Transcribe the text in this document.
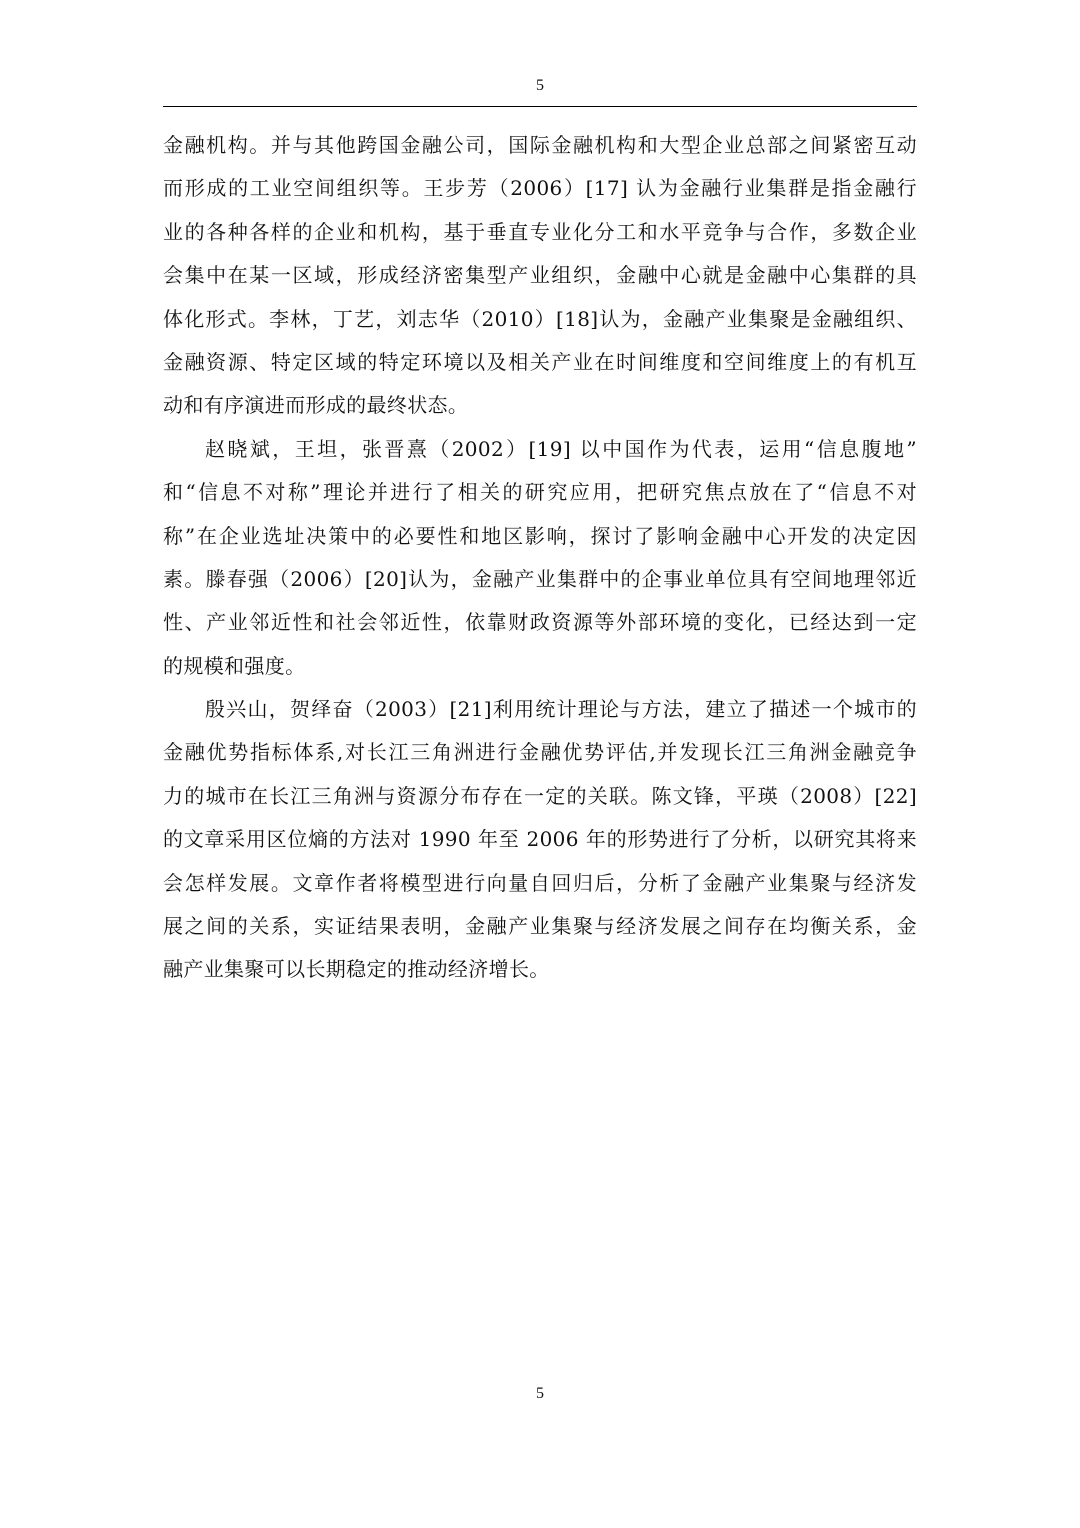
5
金融机构。并与其他跨国金融公司，国际金融机构和大型企业总部之间紧密互动
而形成的工业空间组织等。王步芳（2006）[17] 认为金融行业集群是指金融行
业的各种各样的企业和机构，基于垂直专业化分工和水平竞争与合作，多数企业
会集中在某一区域，形成经济密集型产业组织，金融中心就是金融中心集群的具
体化形式。李林，丁艺，刘志华（2010）[18]认为，金融产业集聚是金融组织、
金融资源、特定区域的特定环境以及相关产业在时间维度和空间维度上的有机互
动和有序演进而形成的最终状态。
赵晓斌，王坦，张晋熹（2002）[19] 以中国作为代表，运用“信息腹地”
和“信息不对称”理论并进行了相关的研究应用，把研究焦点放在了“信息不对
称”在企业选址决策中的必要性和地区影响，探讨了影响金融中心开发的决定因
素。滕春强（2006）[20]认为，金融产业集群中的企事业单位具有空间地理邻近
性、产业邻近性和社会邻近性，依靠财政资源等外部环境的变化，已经达到一定
的规模和强度。
殷兴山，贺绎奋（2003）[21]利用统计理论与方法，建立了描述一个城市的
金融优势指标体系,对长江三角洲进行金融优势评估,并发现长江三角洲金融竞争
力的城市在长江三角洲与资源分布存在一定的关联。陈文锋，平瑛（2008）[22]
的文章采用区位熵的方法对 1990 年至 2006 年的形势进行了分析，以研究其将来
会怎样发展。文章作者将模型进行向量自回归后，分析了金融产业集聚与经济发
展之间的关系，实证结果表明，金融产业集聚与经济发展之间存在均衡关系，金
融产业集聚可以长期稳定的推动经济增长。
5
